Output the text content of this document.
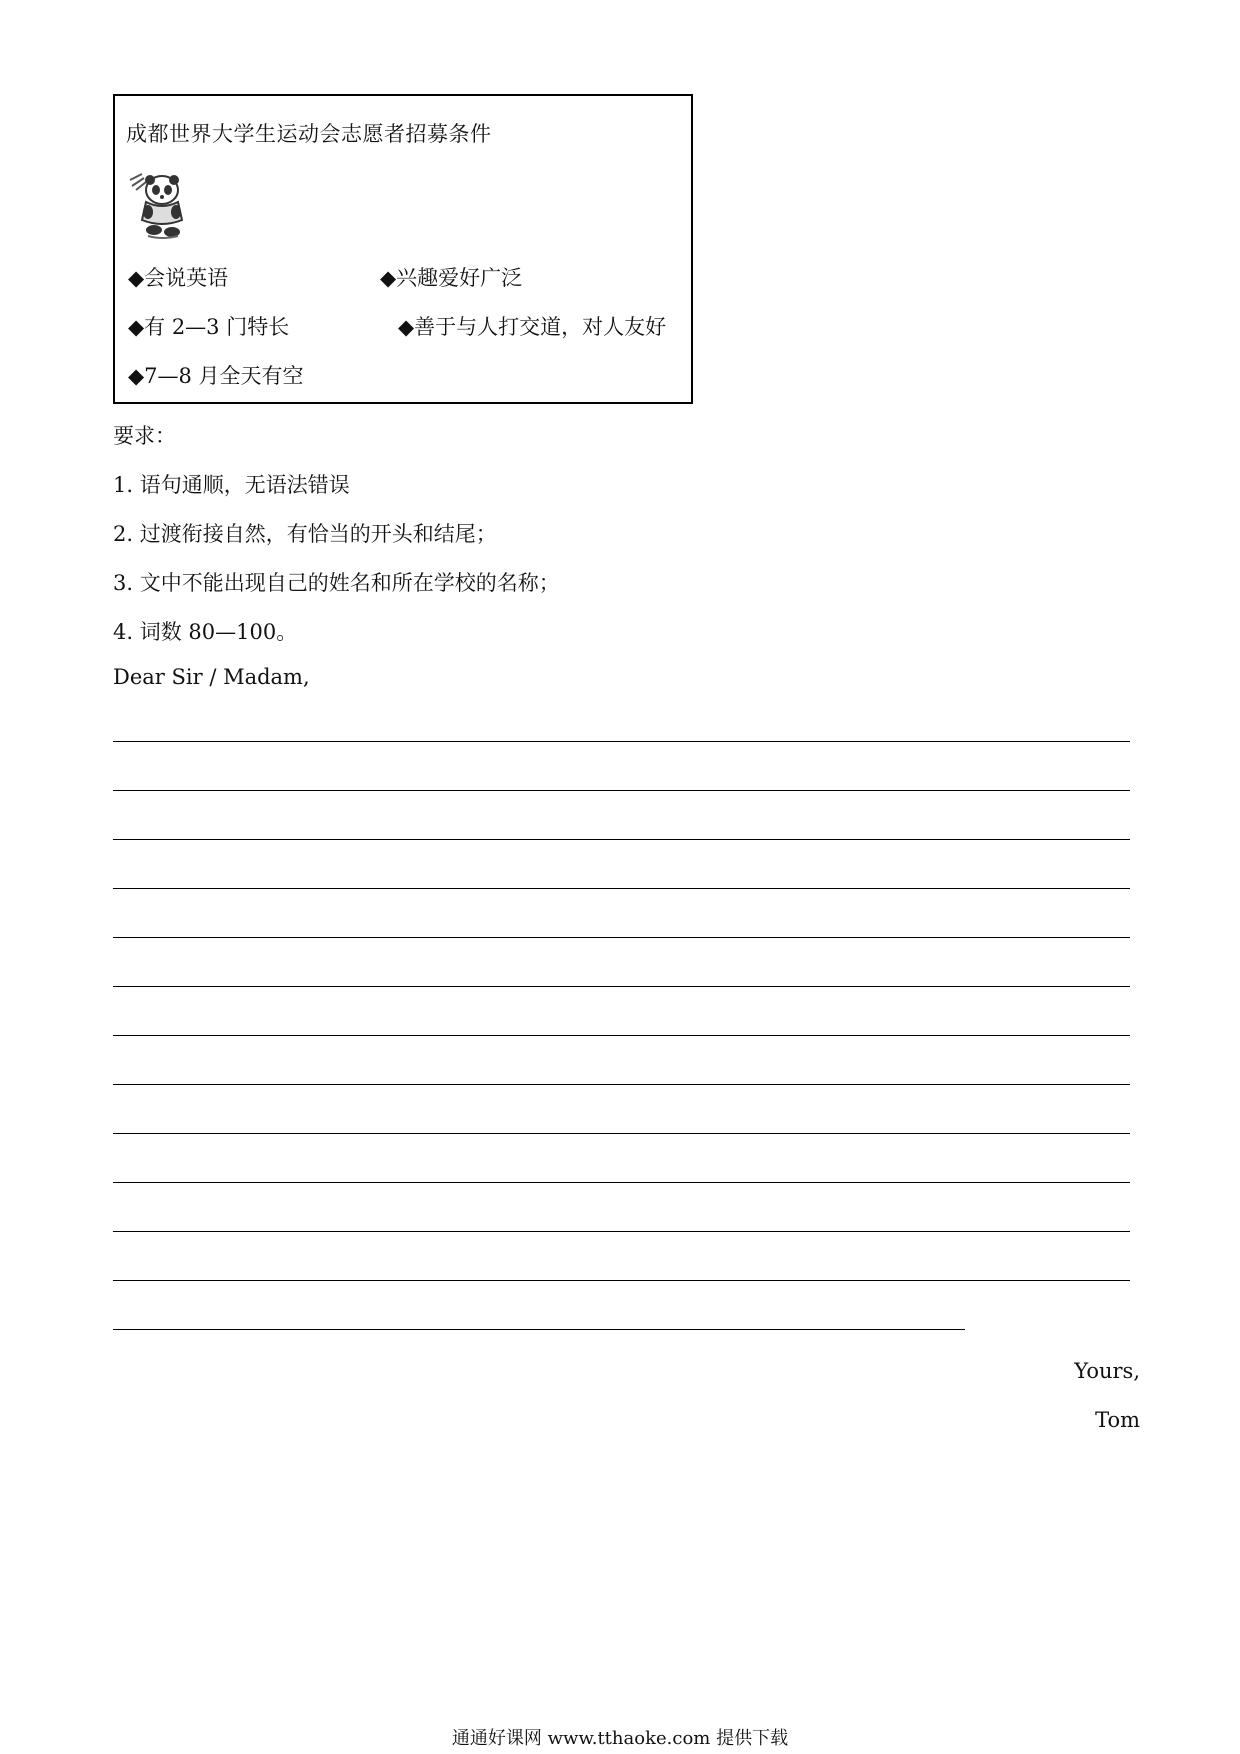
成都世界大学生运动会志愿者招募条件
◆会说英语	◆兴趣爱好广泛
◆有 2—3 门特长	◆善于与人打交道，对人友好
◆7—8 月全天有空
要求：
1. 语句通顺，无语法错误
2. 过渡衔接自然，有恰当的开头和结尾；
3. 文中不能出现自己的姓名和所在学校的名称；
4. 词数 80—100。
Dear Sir / Madam,
Yours,
Tom
通通好课网 www.tthaoke.com 提供下载
